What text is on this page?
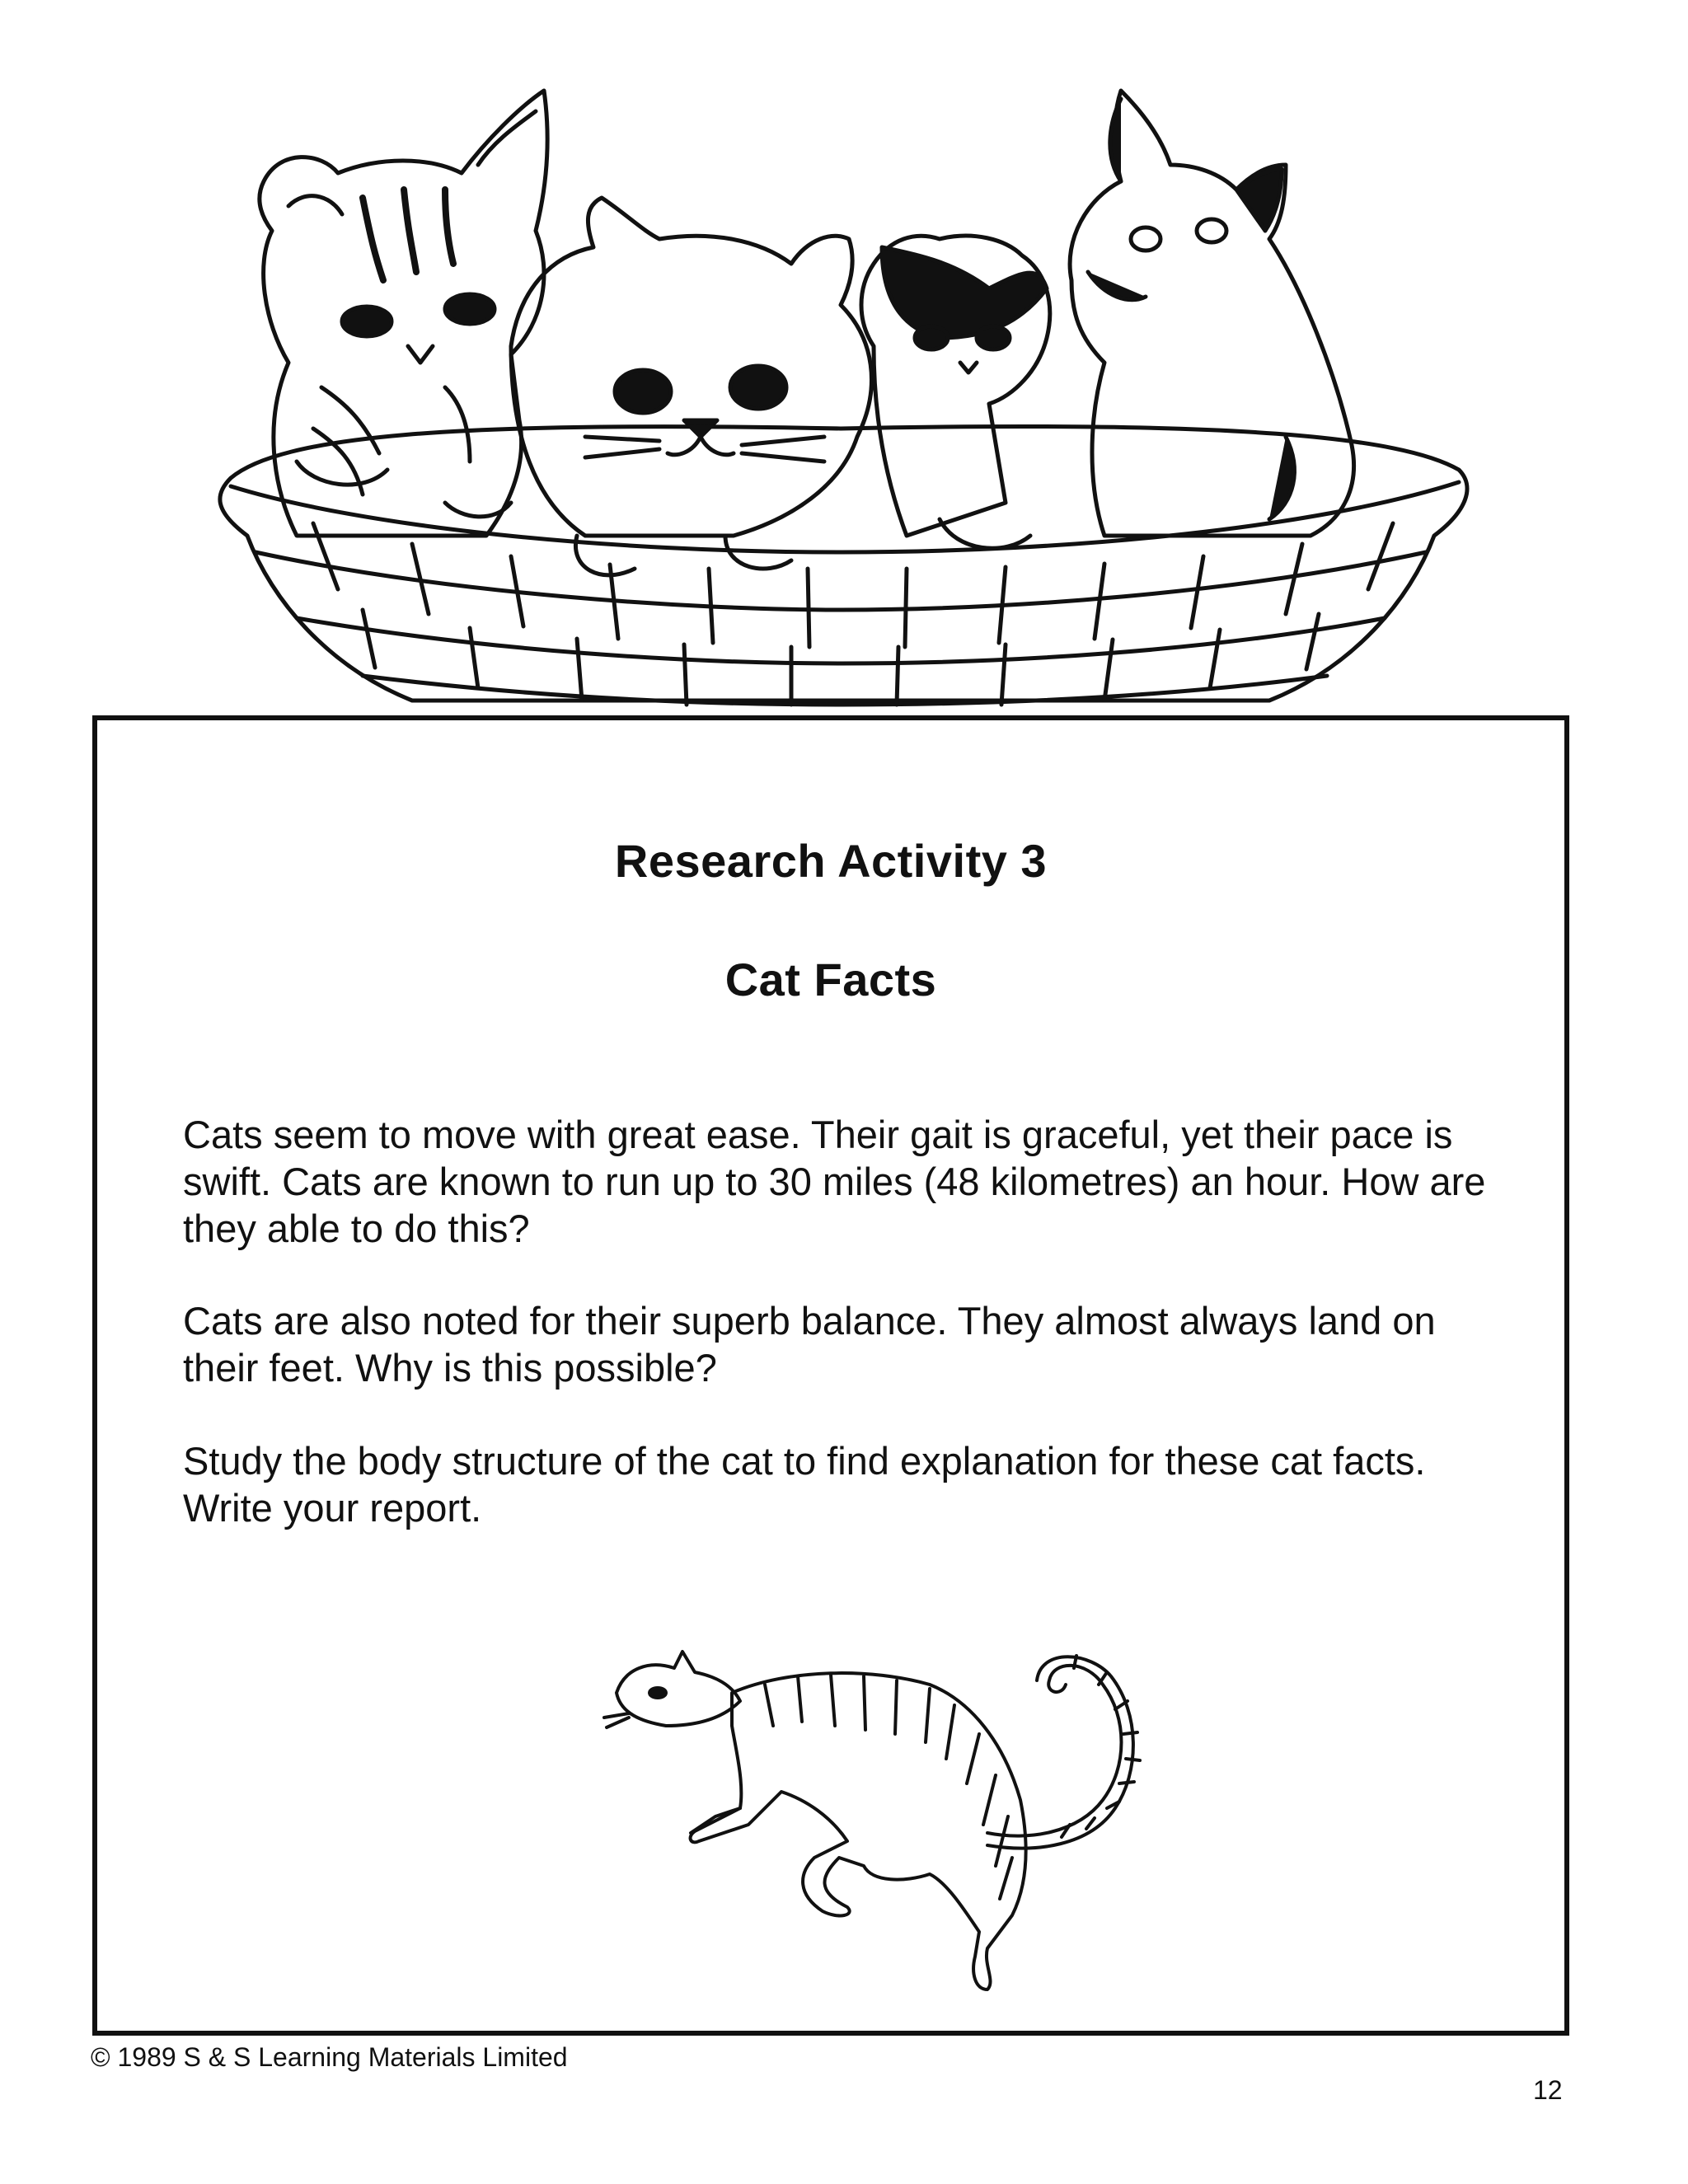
Research Activity 3
Cat Facts

Cats seem to move with great ease. Their gait is graceful, yet their pace is swift. Cats are known to run up to 30 miles (48 kilometres) an hour. How are they able to do this?

Cats are also noted for their superb balance. They almost always land on their feet. Why is this possible?

Study the body structure of the cat to find explanation for these cat facts. Write your report.

© 1989 S & S Learning Materials Limited
12
